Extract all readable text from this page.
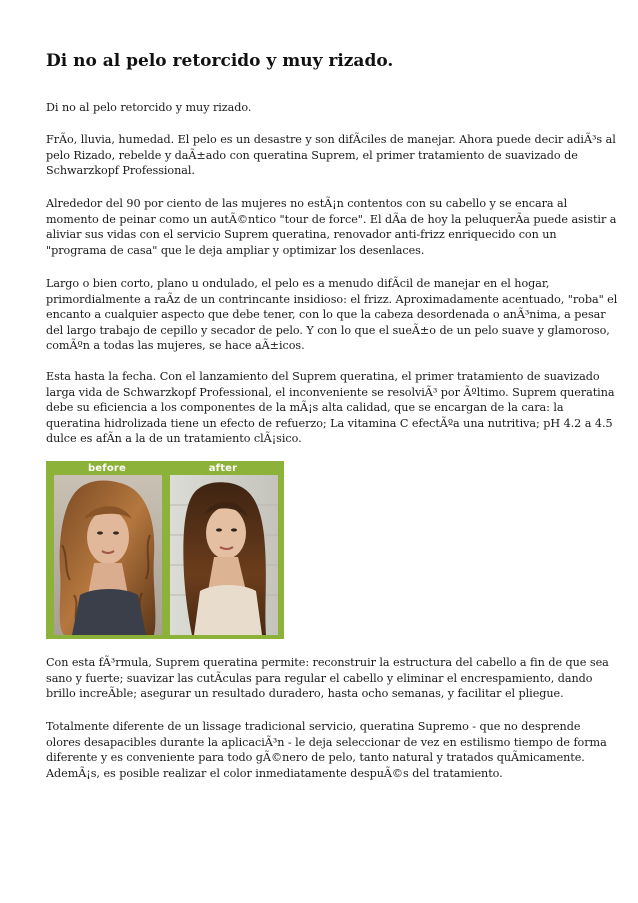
Di no al pelo retorcido y muy rizado.

Di no al pelo retorcido y muy rizado.

FrÃo, lluvia, humedad. El pelo es un desastre y son difÃciles de manejar. Ahora puede decir adiÃ³s al
pelo Rizado, rebelde y daÃ±ado con queratina Suprem, el primer tratamiento de suavizado de
Schwarzkopf Professional.

Alrededor del 90 por ciento de las mujeres no estÃ¡n contentos con su cabello y se encara al
momento de peinar como un autÃ©ntico "tour de force". El dÃa de hoy la peluquerÃa puede asistir a
aliviar sus vidas con el servicio Suprem queratina, renovador anti-frizz enriquecido con un
"programa de casa" que le deja ampliar y optimizar los desenlaces.

Largo o bien corto, plano u ondulado, el pelo es a menudo difÃcil de manejar en el hogar,
primordialmente a raÃz de un contrincante insidioso: el frizz. Aproximadamente acentuado, "roba" el
encanto a cualquier aspecto que debe tener, con lo que la cabeza desordenada o anÃ³nima, a pesar
del largo trabajo de cepillo y secador de pelo. Y con lo que el sueÃ±o de un pelo suave y glamoroso,
comÃºn a todas las mujeres, se hace aÃ±icos.

Esta hasta la fecha. Con el lanzamiento del Suprem queratina, el primer tratamiento de suavizado
larga vida de Schwarzkopf Professional, el inconveniente se resolviÃ³ por Ãºltimo. Suprem queratina
debe su eficiencia a los componentes de la mÃ¡s alta calidad, que se encargan de la cara: la
queratina hidrolizada tiene un efecto de refuerzo; La vitamina C efectÃºa una nutritiva; pH 4.2 a 4.5
dulce es afÃn a la de un tratamiento clÃ¡sico.

before	after

Con esta fÃ³rmula, Suprem queratina permite: reconstruir la estructura del cabello a fin de que sea
sano y fuerte; suavizar las cutÃculas para regular el cabello y eliminar el encrespamiento, dando
brillo increÃble; asegurar un resultado duradero, hasta ocho semanas, y facilitar el pliegue.

Totalmente diferente de un lissage tradicional servicio, queratina Supremo - que no desprende
olores desapacibles durante la aplicaciÃ³n - le deja seleccionar de vez en estilismo tiempo de forma
diferente y es conveniente para todo gÃ©nero de pelo, tanto natural y tratados quÃmicamente.
AdemÃ¡s, es posible realizar el color inmediatamente despuÃ©s del tratamiento.
